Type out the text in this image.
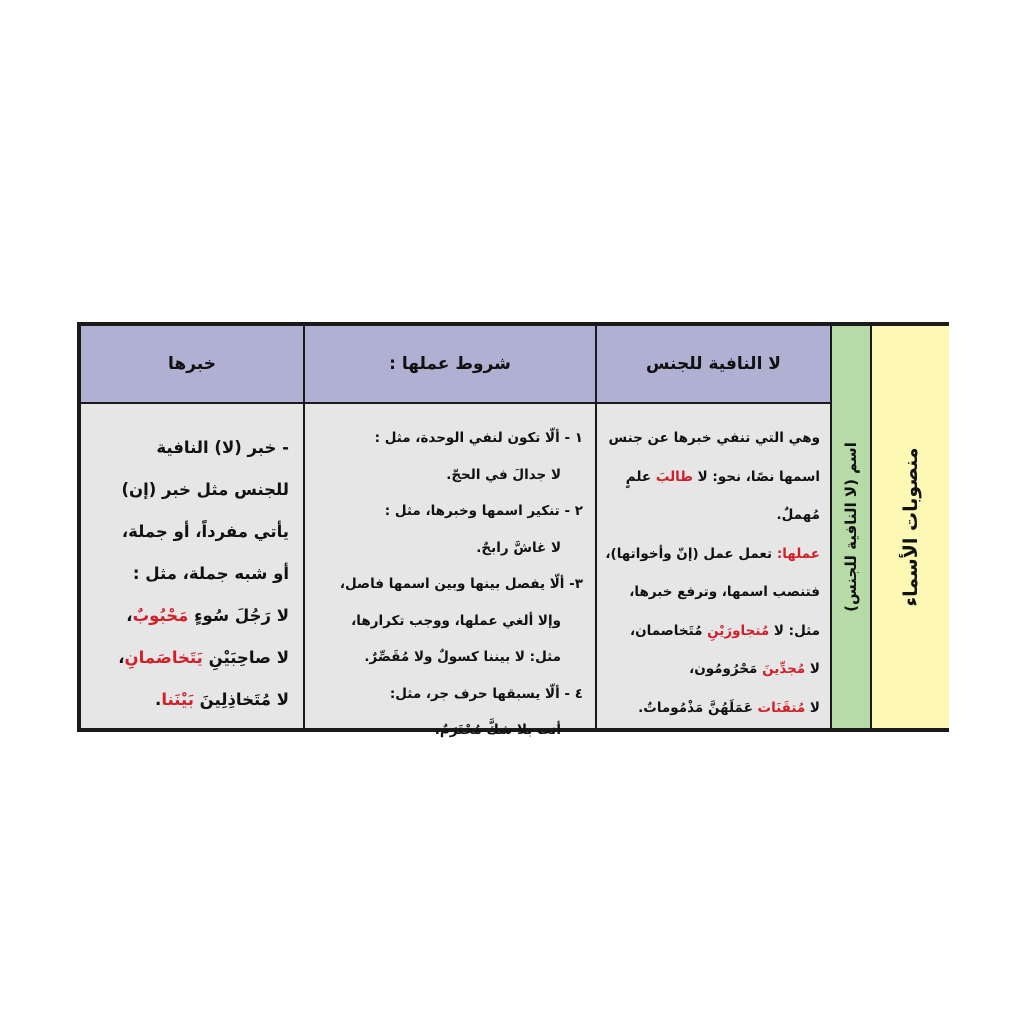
خبرها
- خبر (لا) النافية
للجنس مثل خبر (إن)
يأتي مفرداً، أو جملة،
أو شبه جملة، مثل :
لا رَجُلَ سُوءٍ مَحْبُوبٌ،
لا صاحِبَيْنِ يَتَخاصَمانِ،
لا مُتَخاذِلِينَ بَيْنَنا.
شروط عملها :
١ - ألّا تكون لنفي الوحدة، مثل :
لا جدالَ في الحجّ.
٢ - تنكير اسمها وخبرها، مثل :
لا غاشَّ رابحٌ.
٣- ألّا يفصل بينها وبين اسمها فاصل،
وإلا ألغي عملها، ووجب تكرارها،
مثل: لا بيننا كسولٌ ولا مُقَصِّرٌ.
٤ - ألّا يسبقها حرف جر، مثل:
أنت بلا شكَّ مُحْتَرَمٌ.
لا النافية للجنس
وهي التي تنفي خبرها عن جنس
اسمها نصًا، نحو: لا طالبَ علمٍ
مُهملٌ.
عملها: تعمل عمل (إنّ وأخواتها)،
فتنصب اسمها، وترفع خبرها،
مثل: لا مُتجاورَيْنِ مُتَخاصمان،
لا مُجدِّينَ مَحْرُومُون،
لا مُتقَنَات عَمَلَهُنَّ مَذْمُوماتٌ.
اسم (لا النافية للجنس) منصوبات الأسماء
